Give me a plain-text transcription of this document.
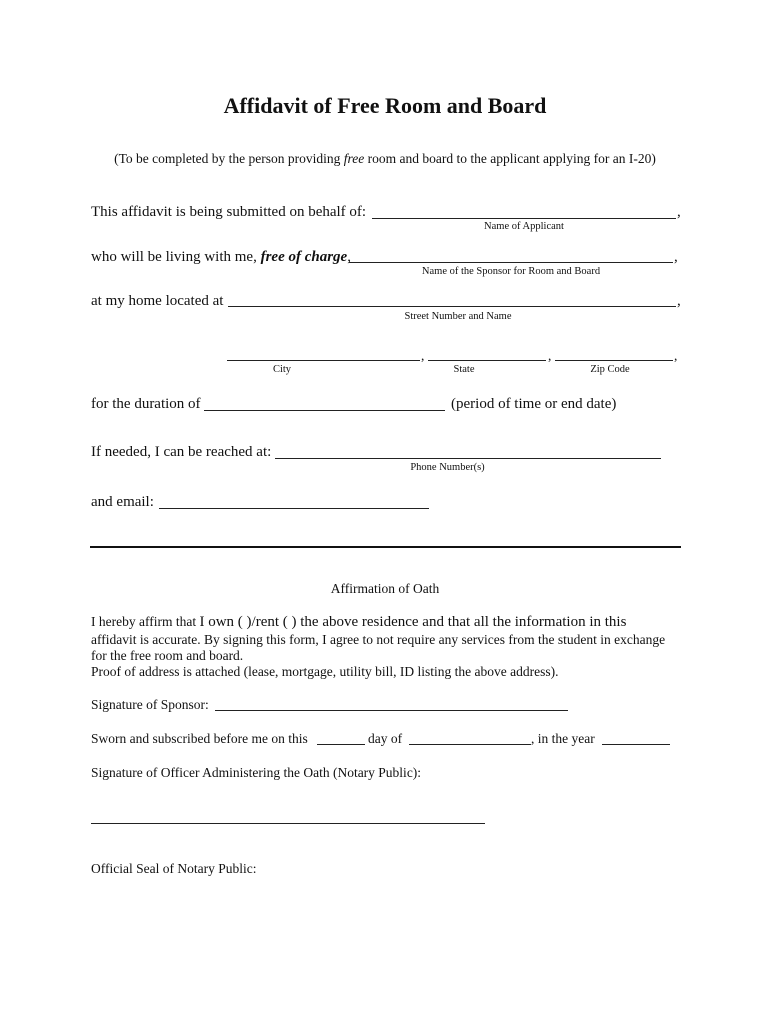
Affidavit of Free Room and Board
(To be completed by the person providing free room and board to the applicant applying for an I-20)
This affidavit is being submitted on behalf of:	,
Name of Applicant
who will be living with me, free of charge,	,
Name of the Sponsor for Room and Board
at my home located at	,
Street Number and Name
,	,	,
City	State	Zip Code
for the duration of	(period of time or end date)
If needed, I can be reached at:
Phone Number(s)
and email:
Affirmation of Oath
I hereby affirm that I own ( )/rent ( ) the above residence and that all the information in this
affidavit is accurate. By signing this form, I agree to not require any services from the student in exchange
for the free room and board.
Proof of address is attached (lease, mortgage, utility bill, ID listing the above address).
Signature of Sponsor:
Sworn and subscribed before me on this	day of	, in the year
Signature of Officer Administering the Oath (Notary Public):
Official Seal of Notary Public:
